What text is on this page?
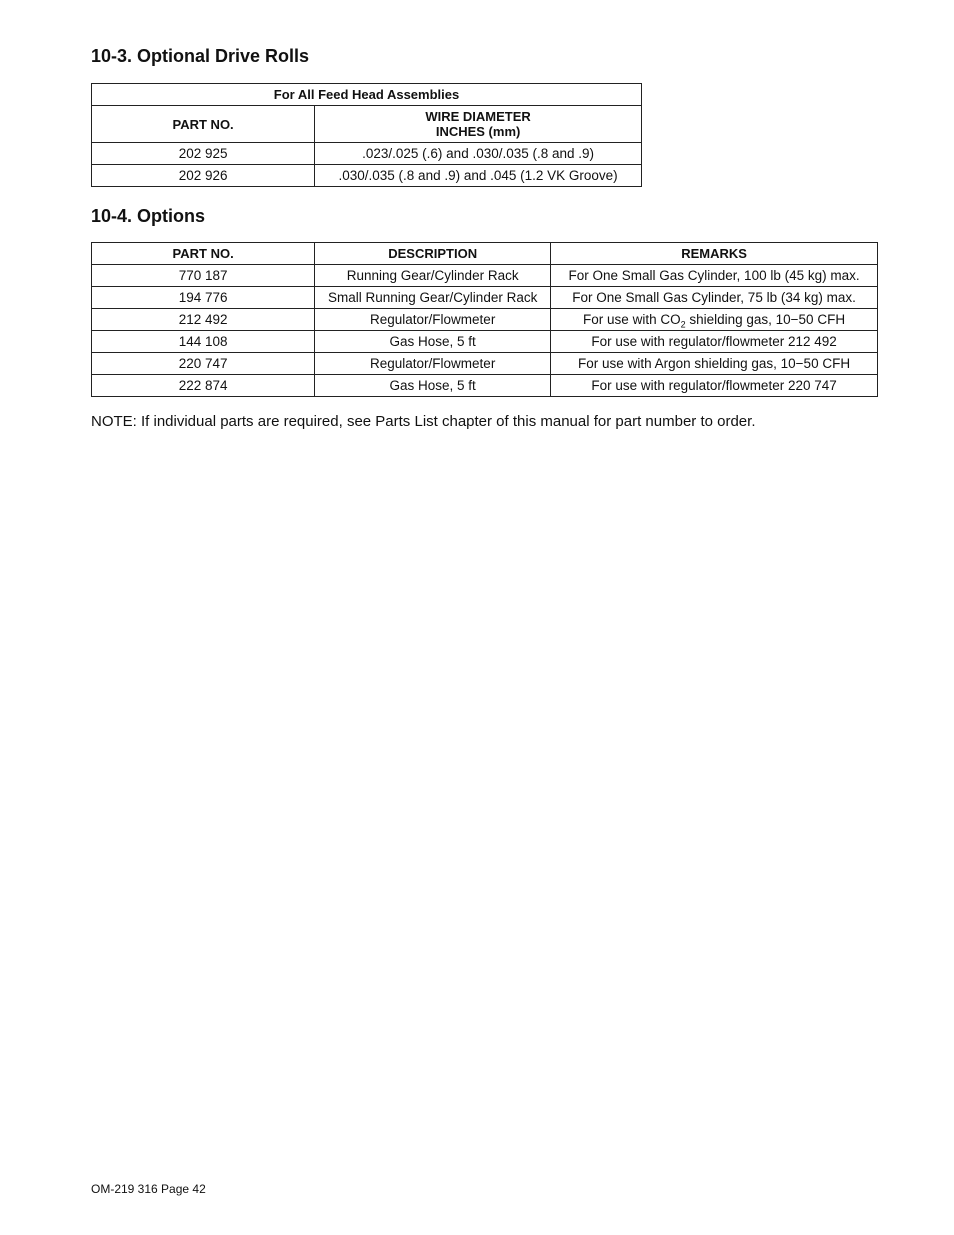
10-3. Optional Drive Rolls
For All Feed Head Assemblies	
PART NO.	WIRE DIAMETER
INCHES (mm)
202 925	.023/.025 (.6) and .030/.035 (.8 and .9)
202 926	.030/.035 (.8 and .9) and .045 (1.2 VK Groove)
10-4. Options
PART NO.	DESCRIPTION	REMARKS
770 187	Running Gear/Cylinder Rack	For One Small Gas Cylinder, 100 lb (45 kg) max.
194 776	Small Running Gear/Cylinder Rack	For One Small Gas Cylinder, 75 lb (34 kg) max.
212 492	Regulator/Flowmeter	For use with $CO_2$ shielding gas, 10−50 CFH
144 108	Gas Hose, 5 ft	For use with regulator/flowmeter 212 492
220 747	Regulator/Flowmeter	For use with Argon shielding gas, 10−50 CFH
222 874	Gas Hose, 5 ft	For use with regulator/flowmeter 220 747

NOTE: If individual parts are required, see Parts List chapter of this manual for part number to order.

OM-219 316 Page 42
